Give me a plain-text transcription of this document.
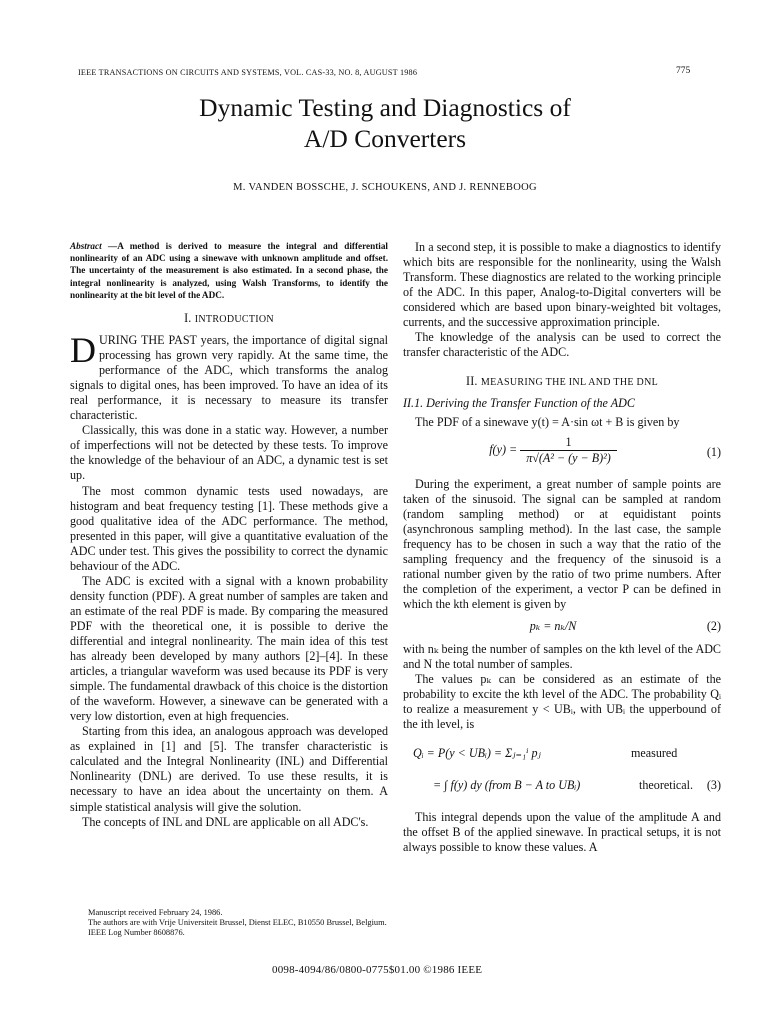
IEEE TRANSACTIONS ON CIRCUITS AND SYSTEMS, VOL. CAS-33, NO. 8, AUGUST 1986	775
Dynamic Testing and Diagnostics of
A/D Converters
M. VANDEN BOSSCHE, J. SCHOUKENS, AND J. RENNEBOOG
Abstract —A method is derived to measure the integral and differential nonlinearity of an ADC using a sinewave with unknown amplitude and offset. The uncertainty of the measurement is also estimated. In a second phase, the integral nonlinearity is analyzed, using Walsh Transforms, to identify the nonlinearity at the bit level of the ADC.
I. INTRODUCTION

DURING THE PAST years, the importance of digital signal processing has grown very rapidly. At the same time, the performance of the ADC, which transforms the analog signals to digital ones, has been improved. To have an idea of its real performance, it is necessary to measure its transfer characteristic.

Classically, this was done in a static way. However, a number of imperfections will not be detected by these tests. To improve the knowledge of the behaviour of an ADC, a dynamic test is set up.

The most common dynamic tests used nowadays, are histogram and beat frequency testing [1]. These methods give a good qualitative idea of the ADC performance. The method, presented in this paper, will give a quantitative evaluation of the ADC under test. This gives the possibility to correct the dynamic behaviour of the ADC.

The ADC is excited with a signal with a known probability density function (PDF). A great number of samples are taken and an estimate of the real PDF is made. By comparing the measured PDF with the theoretical one, it is possible to derive the differential and integral nonlinearity. The main idea of this test has already been developed by many authors [2]–[4]. In these articles, a triangular waveform was used because its PDF is very simple. The fundamental drawback of this choice is the distortion of the waveform. However, a sinewave can be generated with a very low distortion, even at high frequencies.

Starting from this idea, an analogous approach was developed as explained in [1] and [5]. The transfer characteristic is calculated and the Integral Nonlinearity (INL) and Differential Nonlinearity (DNL) are derived. To use these results, it is necessary to have an idea about the uncertainty on them. A simple statistical analysis will give the solution.

The concepts of INL and DNL are applicable on all ADC's.

Manuscript received February 24, 1986.

The authors are with Vrije Universiteit Brussel, Dienst ELEC, B10550 Brussel, Belgium.

IEEE Log Number 8608876.

In a second step, it is possible to make a diagnostics to identify which bits are responsible for the nonlinearity, using the Walsh Transform. These diagnostics are related to the working principle of the ADC. In this paper, Analog-to-Digital converters will be considered which are based upon binary-weighted bit voltages, currents, and the successive approximation principle.

The knowledge of the analysis can be used to correct the transfer characteristic of the ADC.

II. MEASURING THE INL AND THE DNL
II.1. Deriving the Transfer Function of the ADC

The PDF of a sinewave y(t) = A·sin ωt + B is given by

$f(y) = \frac{1}{\text{π√(A² − (y − B)²)}}$	(1)

During the experiment, a great number of sample points are taken of the sinusoid. The signal can be sampled at random (random sampling method) or at equidistant points (asynchronous sampling method). In the last case, the sample frequency has to be chosen in such a way that the ratio of the sampling frequency and the frequency of the sinusoid is a rational number given by the ratio of two prime numbers. After the completion of the experiment, a vector P can be defined in which the kth element is given by

pₖ = nₖ/N	(2)

with nₖ being the number of samples on the kth level of the ADC and N the total number of samples.

The values pₖ can be considered as an estimate of the probability to excite the kth level of the ADC. The probability Qᵢ to realize a measurement y < UBᵢ, with UBᵢ the upperbound of the ith level, is

Qᵢ = P(y < UBᵢ) = Σⱼ₌₁ⁱ pⱼ	measured
= ∫ f(y) dy (from B − A to UBᵢ)	theoretical. (3)

This integral depends upon the value of the amplitude A and the offset B of the applied sinewave. In practical setups, it is not always possible to know these values. A

0098-4094/86/0800-0775$01.00 ©1986 IEEE
